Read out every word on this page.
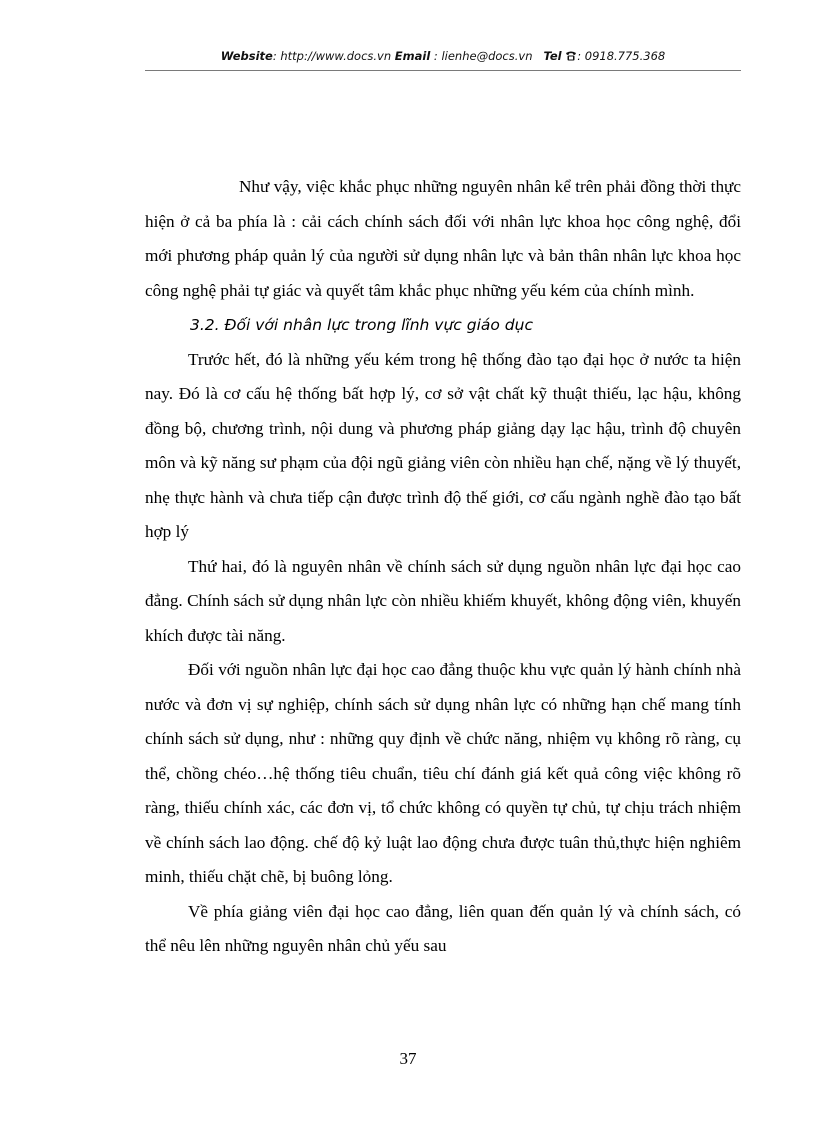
Website: http://www.docs.vn Email : lienhe@docs.vn Tel : 0918.775.368

Như vậy, việc khắc phục những nguyên nhân kể trên phải đồng thời thực hiện ở cả ba phía là : cải cách chính sách đối với nhân lực khoa học công nghệ, đổi mới phương pháp quản lý của người sử dụng nhân lực và bản thân nhân lực khoa học công nghệ phải tự giác và quyết tâm khắc phục những yếu kém của chính mình.

3.2. Đối với nhân lực trong lĩnh vực giáo dục

Trước hết, đó là những yếu kém trong hệ thống đào tạo đại học ở nước ta hiện nay. Đó là cơ cấu hệ thống bất hợp lý, cơ sở vật chất kỹ thuật thiếu, lạc hậu, không đồng bộ, chương trình, nội dung và phương pháp giảng dạy lạc hậu, trình độ chuyên môn và kỹ năng sư phạm của đội ngũ giảng viên còn nhiều hạn chế, nặng về lý thuyết, nhẹ thực hành và chưa tiếp cận được trình độ thế giới, cơ cấu ngành nghề đào tạo bất hợp lý

Thứ hai, đó là nguyên nhân về chính sách sử dụng nguồn nhân lực đại học cao đẳng. Chính sách sử dụng nhân lực còn nhiều khiếm khuyết, không động viên, khuyến khích được tài năng.

Đối với nguồn nhân lực đại học cao đẳng thuộc khu vực quản lý hành chính nhà nước và đơn vị sự nghiệp, chính sách sử dụng nhân lực có những hạn chế mang tính chính sách sử dụng, như : những quy định về chức năng, nhiệm vụ không rõ ràng, cụ thể, chồng chéo…hệ thống tiêu chuẩn, tiêu chí đánh giá kết quả công việc không rõ ràng, thiếu chính xác, các đơn vị, tổ chức không có quyền tự chủ, tự chịu trách nhiệm về chính sách lao động. chế độ kỷ luật lao động chưa được tuân thủ,thực hiện nghiêm minh, thiếu chặt chẽ, bị buông lỏng.

Về phía giảng viên đại học cao đẳng, liên quan đến quản lý và chính sách, có thể nêu lên những nguyên nhân chủ yếu sau

37
